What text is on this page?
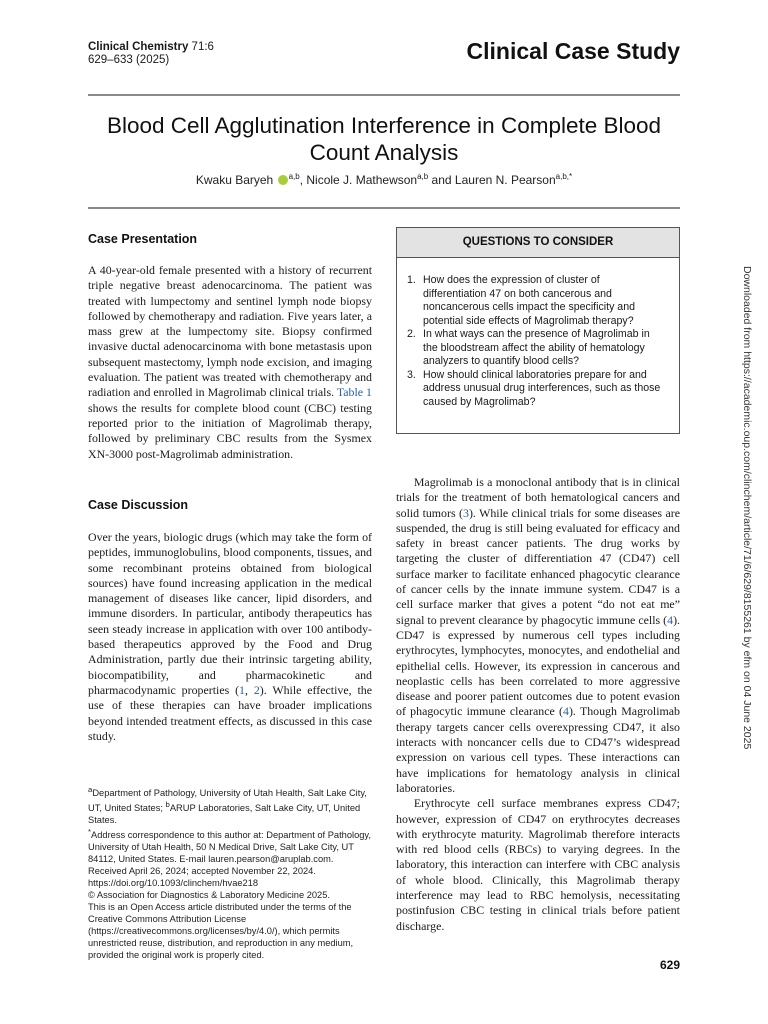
Clinical Chemistry 71:6
629–633 (2025)	Clinical Case Study
Blood Cell Agglutination Interference in Complete Blood Count Analysis
Kwaku Baryeh $^{a,b}$, Nicole J. Mathewson$^{a,b}$ and Lauren N. Pearson$^{a,b,*}$
Case Presentation

A 40-year-old female presented with a history of recurrent triple negative breast adenocarcinoma. The patient was treated with lumpectomy and sentinel lymph node biopsy followed by chemotherapy and radiation. Five years later, a mass grew at the lumpectomy site. Biopsy confirmed invasive ductal adenocarcinoma with bone metastasis upon subsequent mastectomy, lymph node excision, and imaging evaluation. The patient was treated with chemotherapy and radiation and enrolled in Magrolimab clinical trials. Table 1 shows the results for complete blood count (CBC) testing reported prior to the initiation of Magrolimab therapy, followed by preliminary CBC results from the Sysmex XN-3000 post-Magrolimab administration.

Case Discussion

Over the years, biologic drugs (which may take the form of peptides, immunoglobulins, blood components, tissues, and some recombinant proteins obtained from biological sources) have found increasing application in the medical management of diseases like cancer, lipid disorders, and immune disorders. In particular, antibody therapeutics has seen steady increase in application with over 100 antibody-based therapeutics approved by the Food and Drug Administration, partly due their intrinsic targeting ability, biocompatibility, and pharmacokinetic and pharmacodynamic properties (1, 2). While effective, the use of these therapies can have broader implications beyond intended treatment effects, as discussed in this case study.

QUESTIONS TO CONSIDER
1. How does the expression of cluster of differentiation 47 on both cancerous and noncancerous cells impact the specificity and potential side effects of Magrolimab therapy?
2. In what ways can the presence of Magrolimab in the bloodstream affect the ability of hematology analyzers to quantify blood cells?
3. How should clinical laboratories prepare for and address unusual drug interferences, such as those caused by Magrolimab?

Magrolimab is a monoclonal antibody that is in clinical trials for the treatment of both hematological cancers and solid tumors (3). While clinical trials for some diseases are suspended, the drug is still being evaluated for efficacy and safety in breast cancer patients. The drug works by targeting the cluster of differentiation 47 (CD47) cell surface marker to facilitate enhanced phagocytic clearance of cancer cells by the innate immune system. CD47 is a cell surface marker that gives a potent “do not eat me” signal to prevent clearance by phagocytic immune cells (4). CD47 is expressed by numerous cell types including erythrocytes, lymphocytes, monocytes, and endothelial and epithelial cells. However, its expression in cancerous and neoplastic cells has been correlated to more aggressive disease and poorer patient outcomes due to potent evasion of phagocytic immune clearance (4). Though Magrolimab therapy targets cancer cells overexpressing CD47, it also interacts with noncancer cells due to CD47’s widespread expression on various cell types. These interactions can have implications for hematology analysis in clinical laboratories.

Erythrocyte cell surface membranes express CD47; however, expression of CD47 on erythrocytes decreases with erythrocyte maturity. Magrolimab therefore interacts with red blood cells (RBCs) to varying degrees. In the laboratory, this interaction can interfere with CBC analysis of whole blood. Clinically, this Magrolimab therapy interference may lead to RBC hemolysis, necessitating postinfusion CBC testing in clinical trials before patient discharge.

$^a$Department of Pathology, University of Utah Health, Salt Lake City, UT, United States; $^b$ARUP Laboratories, Salt Lake City, UT, United States.
*Address correspondence to this author at: Department of Pathology, University of Utah Health, 50 N Medical Drive, Salt Lake City, UT 84112, United States. E-mail lauren.pearson@aruplab.com.
Received April 26, 2024; accepted November 22, 2024.
https://doi.org/10.1093/clinchem/hvae218
© Association for Diagnostics & Laboratory Medicine 2025.
This is an Open Access article distributed under the terms of the Creative Commons Attribution License (https://creativecommons.org/licenses/by/4.0/), which permits unrestricted reuse, distribution, and reproduction in any medium, provided the original work is properly cited.
Downloaded from https://academic.oup.com/clinchem/article/71/6/629/8155261 by efm on 04 June 2025
629
